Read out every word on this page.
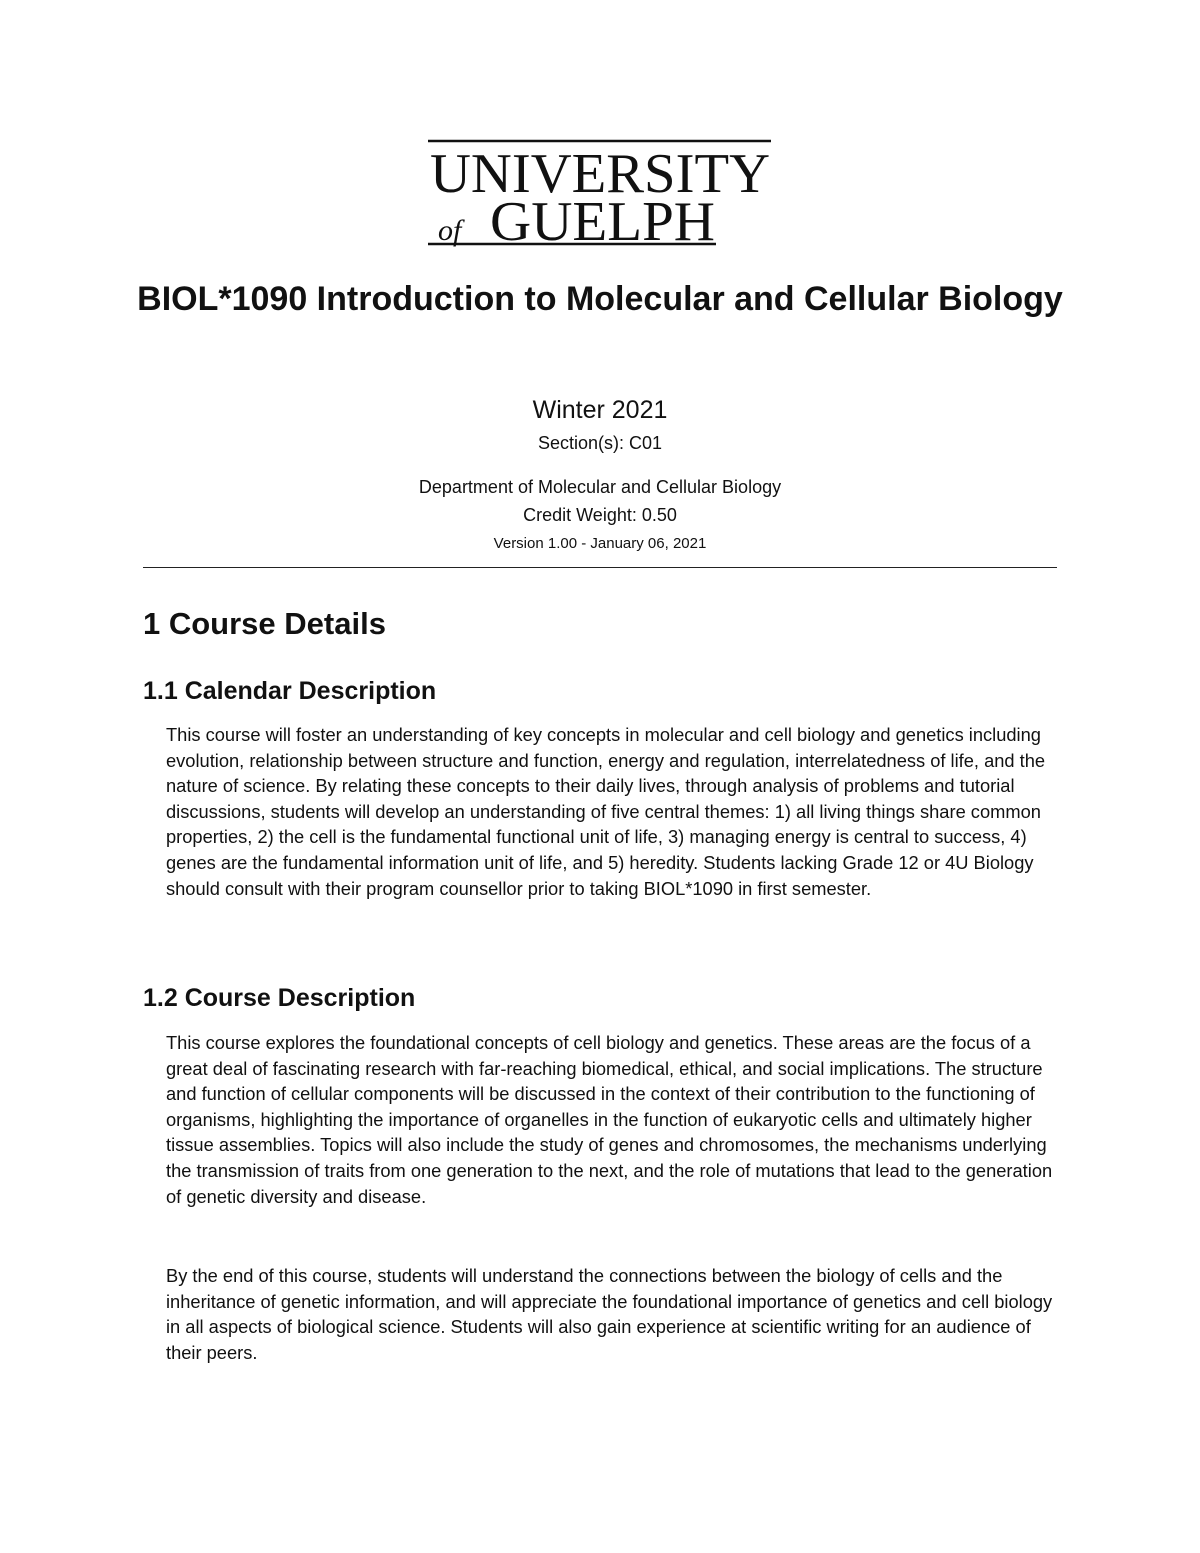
UNIVERSITY
of GUELPH
BIOL*1090 Introduction to Molecular and Cellular Biology
Winter 2021
Section(s): C01
Department of Molecular and Cellular Biology
Credit Weight: 0.50
Version 1.00 - January 06, 2021
1 Course Details
1.1 Calendar Description

This course will foster an understanding of key concepts in molecular and cell biology and genetics including evolution, relationship between structure and function, energy and regulation, interrelatedness of life, and the nature of science. By relating these concepts to their daily lives, through analysis of problems and tutorial discussions, students will develop an understanding of five central themes: 1) all living things share common properties, 2) the cell is the fundamental functional unit of life, 3) managing energy is central to success, 4) genes are the fundamental information unit of life, and 5) heredity. Students lacking Grade 12 or 4U Biology should consult with their program counsellor prior to taking BIOL*1090 in first semester.

1.2 Course Description

This course explores the foundational concepts of cell biology and genetics. These areas are the focus of a great deal of fascinating research with far-reaching biomedical, ethical, and social implications. The structure and function of cellular components will be discussed in the context of their contribution to the functioning of organisms, highlighting the importance of organelles in the function of eukaryotic cells and ultimately higher tissue assemblies. Topics will also include the study of genes and chromosomes, the mechanisms underlying the transmission of traits from one generation to the next, and the role of mutations that lead to the generation of genetic diversity and disease.

By the end of this course, students will understand the connections between the biology of cells and the inheritance of genetic information, and will appreciate the foundational importance of genetics and cell biology in all aspects of biological science. Students will also gain experience at scientific writing for an audience of their peers.
